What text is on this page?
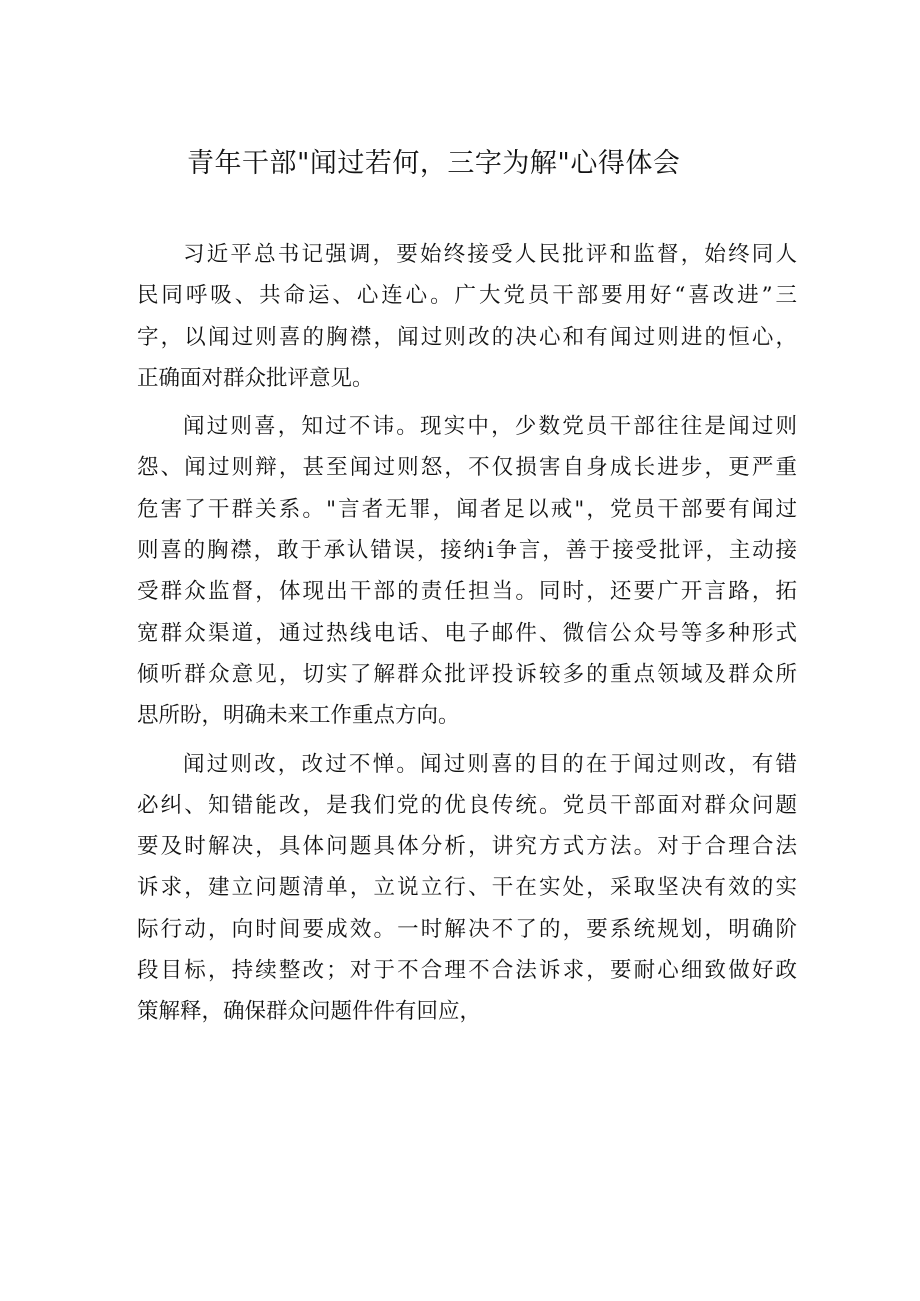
青年干部"闻过若何，三字为解"心得体会

习近平总书记强调，要始终接受人民批评和监督，始终同人
民同呼吸、共命运、心连心。广大党员干部要用好“喜改进”三
字，以闻过则喜的胸襟，闻过则改的决心和有闻过则进的恒心，
正确面对群众批评意见。

闻过则喜，知过不讳。现实中，少数党员干部往往是闻过则
怨、闻过则辩，甚至闻过则怒，不仅损害自身成长进步，更严重
危害了干群关系。"言者无罪，闻者足以戒"，党员干部要有闻过
则喜的胸襟，敢于承认错误，接纳i争言，善于接受批评，主动接
受群众监督，体现出干部的责任担当。同时，还要广开言路，拓
宽群众渠道，通过热线电话、电子邮件、微信公众号等多种形式
倾听群众意见，切实了解群众批评投诉较多的重点领域及群众所
思所盼，明确未来工作重点方向。

闻过则改，改过不惮。闻过则喜的目的在于闻过则改，有错
必纠、知错能改，是我们党的优良传统。党员干部面对群众问题
要及时解决，具体问题具体分析，讲究方式方法。对于合理合法
诉求，建立问题清单，立说立行、干在实处，采取坚决有效的实
际行动，向时间要成效。一时解决不了的，要系统规划，明确阶
段目标，持续整改；对于不合理不合法诉求，要耐心细致做好政
策解释，确保群众问题件件有回应，
